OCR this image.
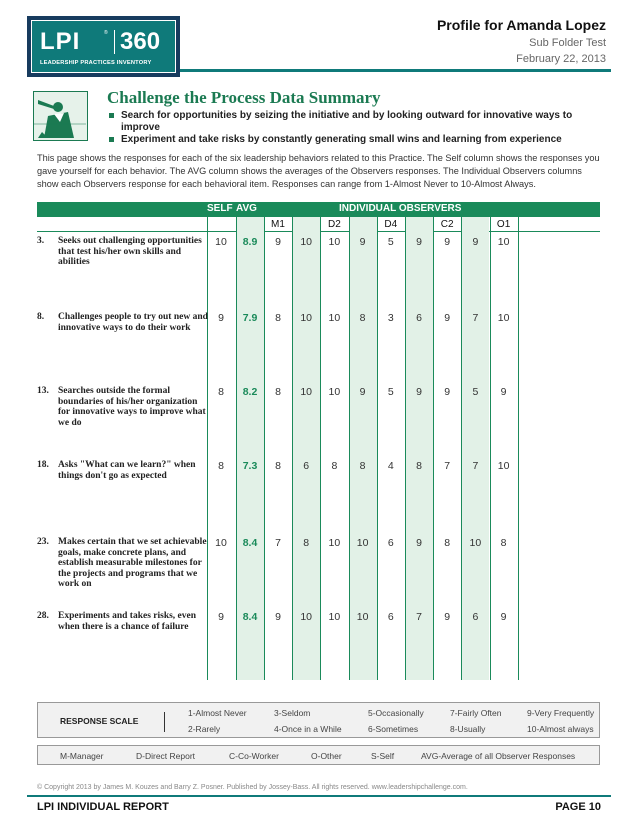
LPI	® 360
LEADERSHIP PRACTICES INVENTORY
Profile for Amanda Lopez
Sub Folder Test
February 22, 2013
Challenge the Process Data Summary
Search for opportunities by seizing the initiative and by looking outward for innovative ways to improve
Experiment and take risks by constantly generating small wins and learning from experience
This page shows the responses for each of the six leadership behaviors related to this Practice. The Self column shows the responses you gave yourself for each behavior. The AVG column shows the averages of the Observers responses. The Individual Observers columns show each Observers response for each behavioral item. Responses can range from 1-Almost Never to 10-Almost Always.
SELF AVG	INDIVIDUAL OBSERVERS
M1	D2	D4	C2	O1
3. Seeks out challenging opportunities that test his/her own skills and abilities
10	8.9	9	10	10	9	5	9	9	9	10
8. Challenges people to try out new and innovative ways to do their work
9	7.9	8	10	10	8	3	6	9	7	10
13. Searches outside the formal boundaries of his/her organization for innovative ways to improve what we do
8	8.2	8	10	10	9	5	9	9	5	9
18. Asks "What can we learn?" when things don't go as expected
8	7.3	8	6	8	8	4	8	7	7	10
23. Makes certain that we set achievable goals, make concrete plans, and establish measurable milestones for the projects and programs that we work on
10	8.4	7	8	10	10	6	9	8	10	8
28. Experiments and takes risks, even when there is a chance of failure
9	8.4	9	10	10	10	6	7	9	6	9
RESPONSE SCALE
1-Almost Never
2-Rarely
3-Seldom
4-Once in a While
5-Occasionally
6-Sometimes
7-Fairly Often
8-Usually
9-Very Frequently
10-Almost always
M-Manager	D-Direct Report	C-Co-Worker	O-Other	S-Self	AVG-Average of all Observer Responses
© Copyright 2013 by James M. Kouzes and Barry Z. Posner. Published by Jossey-Bass. All rights reserved. www.leadershipchallenge.com.
LPI INDIVIDUAL REPORT	PAGE 10
